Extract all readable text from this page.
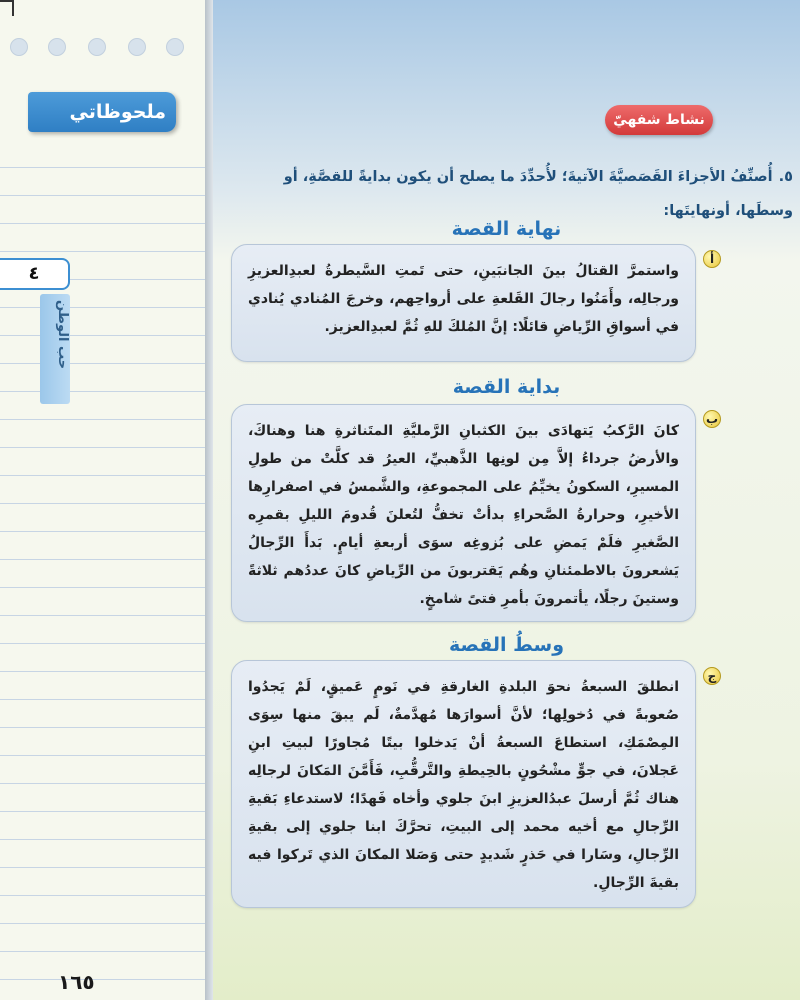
ملحوظاتي
٤
حب الوطن
١٦٥
نشاط شفهيّ
٥.أُصنِّفُ الأجزاءَ القَصَصيَّةَ الآتيةَ؛ لأُحدِّدَ ما يصلح أن يكون بدايةً للقصَّةِ، أو وسطَها، أونهايتَها:
نهاية القصة
أ

واستمرَّ القتالُ بينَ الجانبَينِ، حتى تَمتِ السَّيطرةُ لعبدِالعزيزِ ورجالِه، وأَمَنُوا رجالَ القَلعةِ على أرواحِهم، وخرجَ المُنادي يُنادي في أسواقِ الرِّياضِ قائلًا: إنَّ المُلكَ للهِ ثُمَّ لعبدِالعزيز.

بداية القصة
ب

كانَ الرَّكبُ يَتهادَى بينَ الكثبانِ الرَّمليَّةِ المتَناثرةِ هنا وهناكَ، والأرضُ جرداءُ إلاَّ مِن لونِها الذَّهبيِّ، العيرُ قد كلَّتْ من طولِ المسيرِ، السكونُ يخيِّمُ على المجموعةِ، والشَّمسُ في اصفرارِها الأخيرِ، وحرارةُ الصَّحراءِ بدأتْ تخفُّ لتُعلنَ قُدومَ الليلِ بقمرِه الصَّغيرِ فلَمْ يَمضِ على بُزوغِه سوَى أربعةِ أيامٍ. بَدأَ الرِّجالُ يَشعرونَ بالاطمئنانِ وهُم يَقتربونَ من الرِّياضِ كانَ عددُهم ثلاثةً وستينَ رجلًا، يأتمرونَ بأمرِ فتىً شامخٍ.

وسطُ القصة
ج

انطلقَ السبعةُ نحوَ البلدةِ الغارقةِ في نَومٍ عَميقٍ، لَمْ يَجدُوا صُعوبةً في دُخولِها؛ لأنَّ أسوارَها مُهدَّمةٌ، لَم يبقَ منها سِوَى المِصْمَكِ، استطاعَ السبعةُ أنْ يَدخلوا بيتًا مُجاورًا لبيتِ ابنِ عَجلانَ، في جوٍّ مشْحُونٍ بالحِيطةِ والتَّرقُّبِ، فَأَمَّنَ المَكانَ لرجالِه هناك ثُمَّ أرسلَ عبدُالعزيزِ ابنَ جلوي وأخاه فَهدًا؛ لاستدعاءِ بَقيةِ الرِّجالِ مع أخيه محمد إلى البيتِ، تحرَّكَ ابنا جلوي إلى بقيةِ الرِّجالِ، وسَارا في حَذرٍ شَديدٍ حتى وَصَلا المكانَ الذي تَركوا فيه بقيةَ الرِّجالِ.
